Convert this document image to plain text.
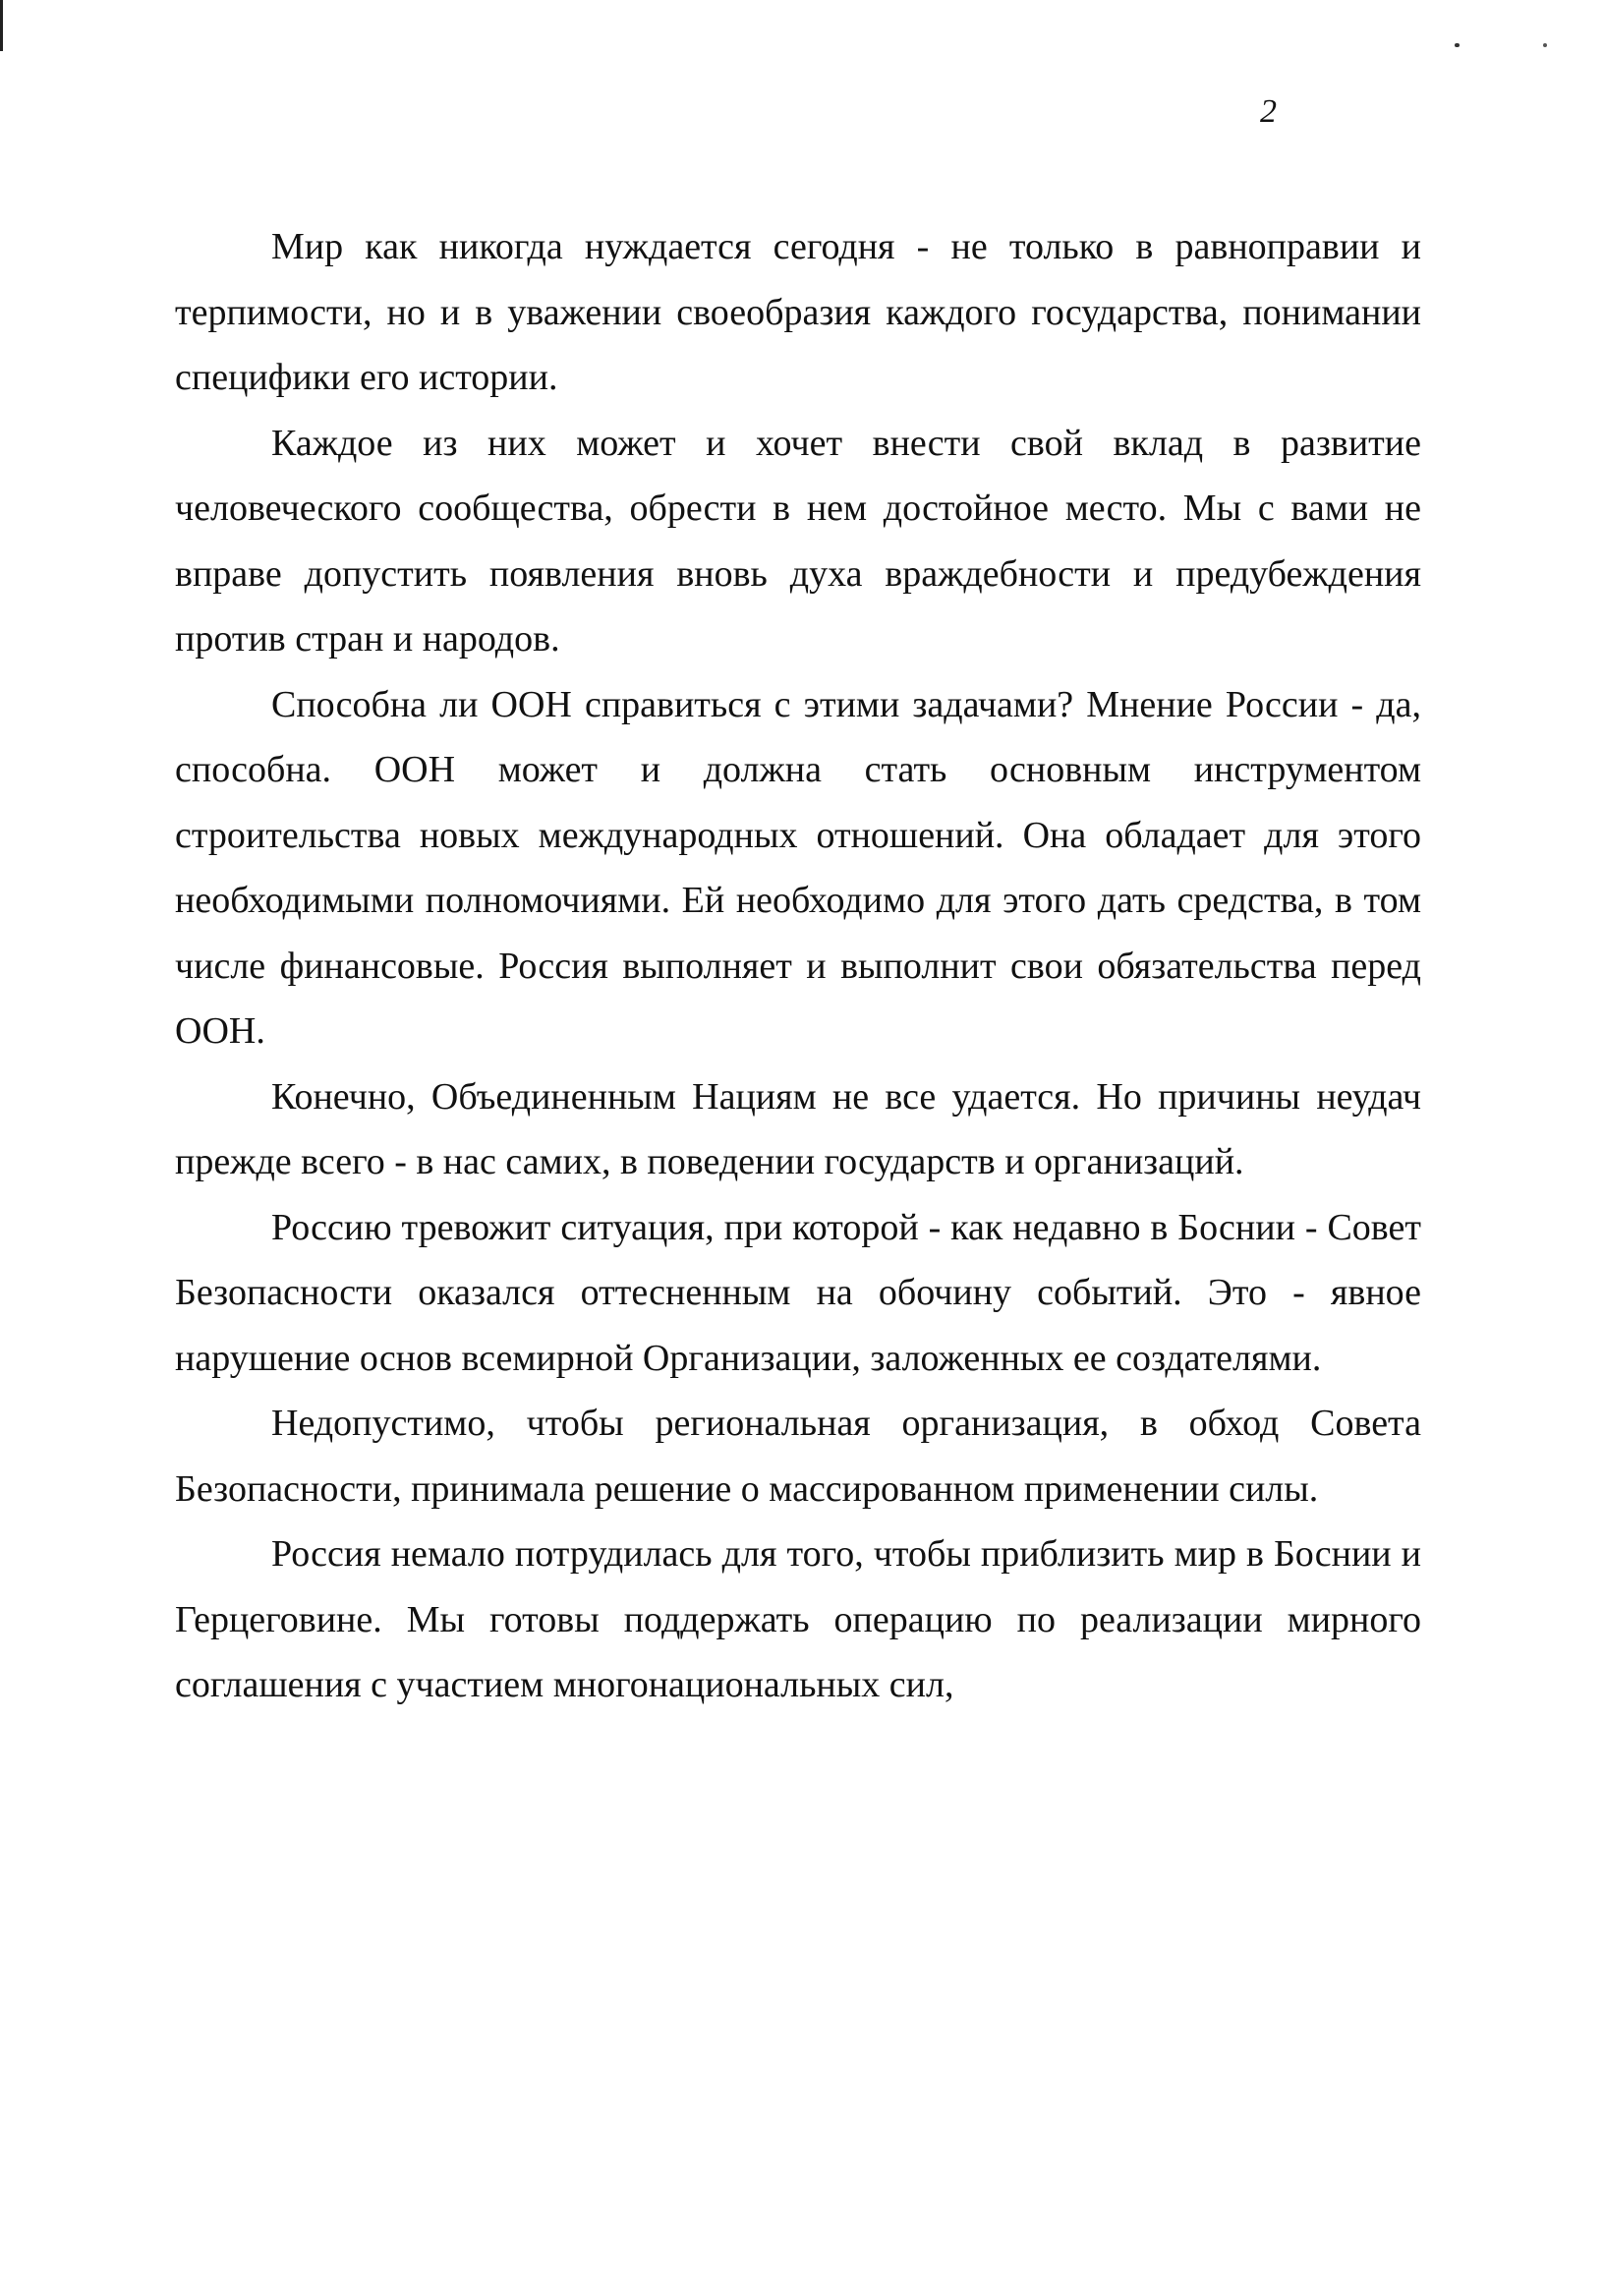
2

Мир как никогда нуждается сегодня - не только в равноправии и терпимости, но и в уважении своеобразия каждого государства, понимании специфики его истории.

Каждое из них может и хочет внести свой вклад в развитие человеческого сообщества, обрести в нем достойное место. Мы с вами не вправе допустить появления вновь духа враждебности и предубеждения против стран и народов.

Способна ли ООН справиться с этими задачами? Мнение России - да, способна. ООН может и должна стать основным инструментом строительства новых международных отношений. Она обладает для этого необходимыми полномочиями. Ей необходимо для этого дать средства, в том числе финансовые. Россия выполняет и выполнит свои обязательства перед ООН.

Конечно, Объединенным Нациям не все удается. Но причины неудач прежде всего - в нас самих, в поведении государств и организаций.

Россию тревожит ситуация, при которой - как недавно в Боснии - Совет Безопасности оказался оттесненным на обочину событий. Это - явное нарушение основ всемирной Организации, заложенных ее создателями.

Недопустимо, чтобы региональная организация, в обход Совета Безопасности, принимала решение о массированном применении силы.

Россия немало потрудилась для того, чтобы приблизить мир в Боснии и Герцеговине. Мы готовы поддержать операцию по реализации мирного соглашения с участием многонациональных сил,
